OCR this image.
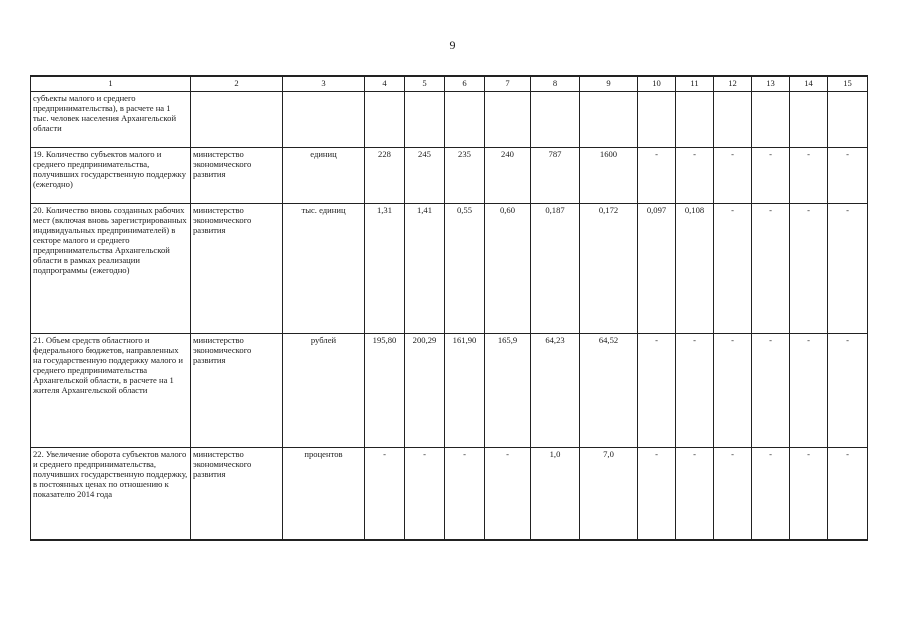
9
1	2	3	4	5	6	7	8	9	10	11	12	13	14	15
субъекты малого и среднего предпринимательства), в расчете на 1 тыс. человек населения Архангельской области														
19. Количество субъектов малого и среднего предпринимательства, получивших государственную поддержку (ежегодно)	министерство экономического развития	единиц	228	245	235	240	787	1600	-	-	-	-	-	-
20. Количество вновь созданных рабочих мест (включая вновь зарегистрированных индивидуальных предпринимателей) в секторе малого и среднего предпринимательства Архангельской области в рамках реализации подпрограммы (ежегодно)	министерство экономического развития	тыс. единиц	1,31	1,41	0,55	0,60	0,187	0,172	0,097	0,108	-	-	-	-
21. Объем средств областного и федерального бюджетов, направленных на государственную поддержку малого и среднего предпринимательства Архангельской области, в расчете на 1 жителя Архангельской области	министерство экономического развития	рублей	195,80	200,29	161,90	165,9	64,23	64,52	-	-	-	-	-	-
22. Увеличение оборота субъектов малого и среднего предпринимательства, получивших государственную поддержку, в постоянных ценах по отношению к показателю 2014 года	министерство экономического развития	процентов	-	-	-	-	1,0	7,0	-	-	-	-	-	-
